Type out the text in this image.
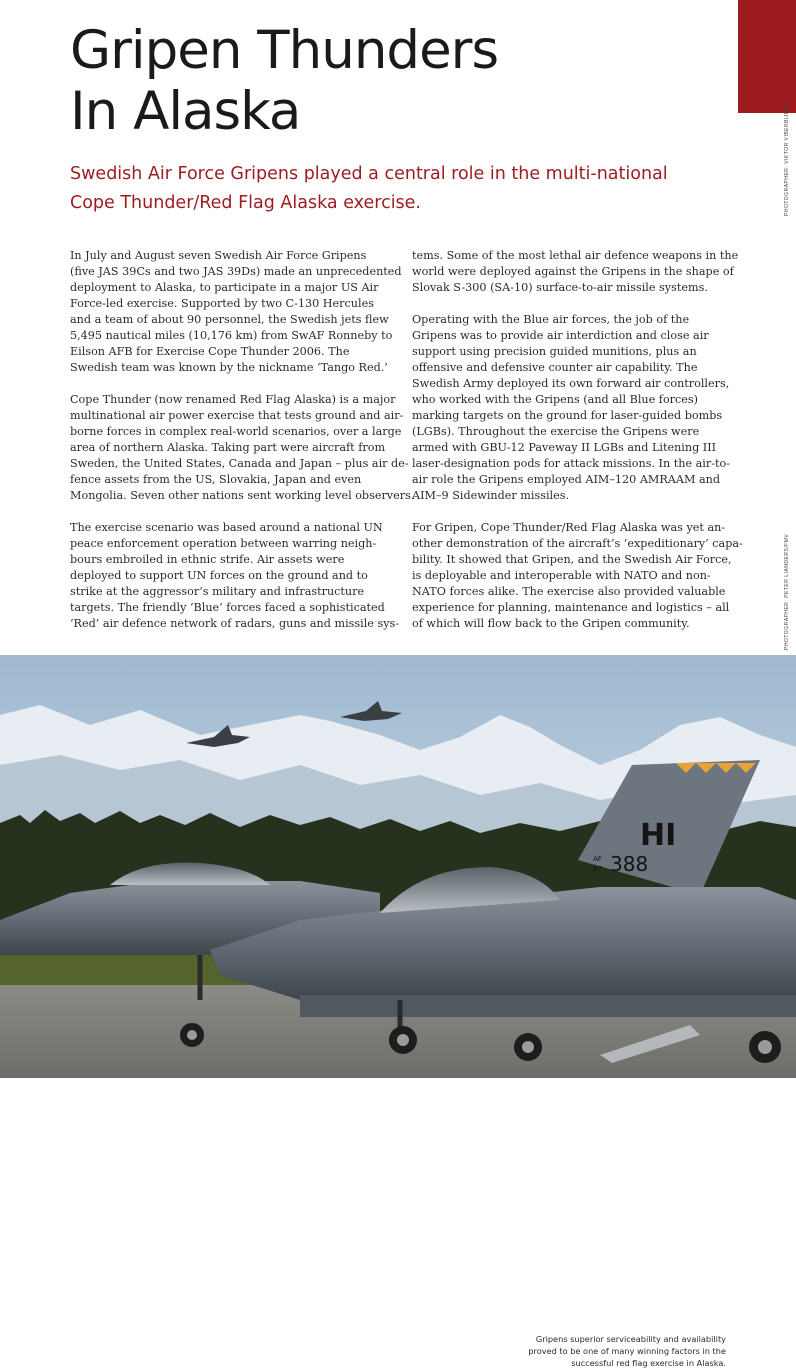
PHOTOGRAPHER: VIKTOR VIBERBIJRKH
PHOTOGRAPHER: PETER LIANDERS/FMV
Gripen Thunders
In Alaska

Swedish Air Force Gripens played a central role in the multi-national
Cope Thunder/Red Flag Alaska exercise.

In July and August seven Swedish Air Force Gripens
(five JAS 39Cs and two JAS 39Ds) made an unprecedented
deployment to Alaska, to participate in a major US Air
Force-led exercise. Supported by two C-130 Hercules
and a team of about 90 personnel, the Swedish jets flew
5,495 nautical miles (10,176 km) from SwAF Ronneby to
Eilson AFB for Exercise Cope Thunder 2006. The
Swedish team was known by the nickname ‘Tango Red.’

Cope Thunder (now renamed Red Flag Alaska) is a major
multinational air power exercise that tests ground and air-
borne forces in complex real-world scenarios, over a large
area of northern Alaska. Taking part were aircraft from
Sweden, the United States, Canada and Japan – plus air de-
fence assets from the US, Slovakia, Japan and even
Mongolia. Seven other nations sent working level observers.

The exercise scenario was based around a national UN
peace enforcement operation between warring neigh-
bours embroiled in ethnic strife. Air assets were
deployed to support UN forces on the ground and to
strike at the aggressor’s military and infrastructure
targets. The friendly ‘Blue’ forces faced a sophisticated
‘Red’ air defence network of radars, guns and missile sys-

tems. Some of the most lethal air defence weapons in the
world were deployed against the Gripens in the shape of
Slovak S-300 (SA-10) surface-to-air missile systems.

Operating with the Blue air forces, the job of the
Gripens was to provide air interdiction and close air
support using precision guided munitions, plus an
offensive and defensive counter air capability. The
Swedish Army deployed its own forward air controllers,
who worked with the Gripens (and all Blue forces)
marking targets on the ground for laser-guided bombs
(LGBs). Throughout the exercise the Gripens were
armed with GBU-12 Paveway II LGBs and Litening III
laser-designation pods for attack missions. In the air-to-
air role the Gripens employed AIM–120 AMRAAM and
AIM–9 Sidewinder missiles.

For Gripen, Cope Thunder/Red Flag Alaska was yet an-
other demonstration of the aircraft’s ‘expeditionary’ capa-
bility. It showed that Gripen, and the Swedish Air Force,
is deployable and interoperable with NATO and non-
NATO forces alike. The exercise also provided valuable
experience for planning, maintenance and logistics – all
of which will flow back to the Gripen community.

HI
AF
87 388
Gripens superior serviceability and availability
proved to be one of many winning factors in the
successful red flag exercise in Alaska.
